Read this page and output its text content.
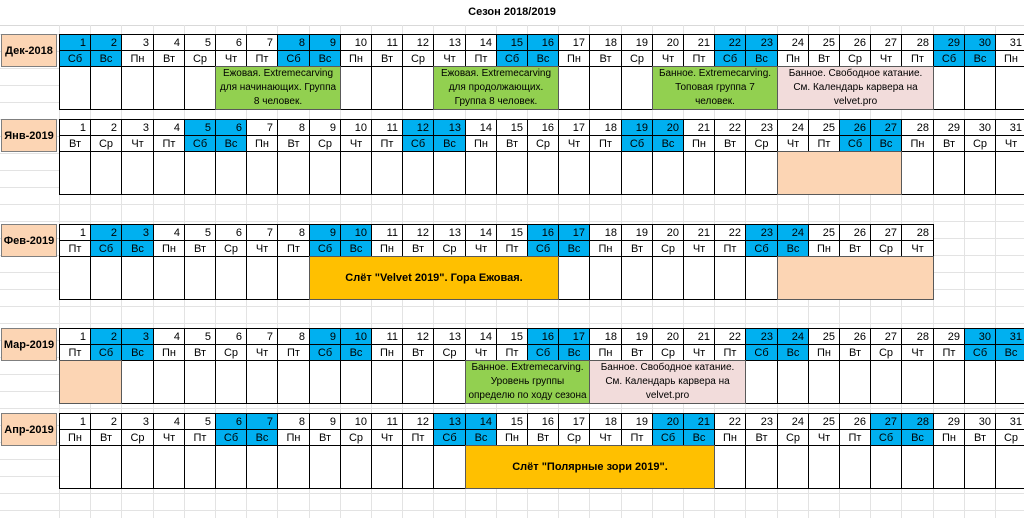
Сезон 2018/2019
Дек-2018
1
Сб
2
Вс
3
Пн
4
Вт
5
Ср
6
Чт
7
Пт
8
Сб
9
Вс
10
Пн
11
Вт
12
Ср
13
Чт
14
Пт
15
Сб
16
Вс
17
Пн
18
Вт
19
Ср
20
Чт
21
Пт
22
Сб
23
Вс
24
Пн
25
Вт
26
Ср
27
Чт
28
Пт
29
Сб
30
Вс
31
Пн
Ежовая. Extremecarving для начинающих. Группа 8 человек.
Ежовая. Extremecarving для продолжающих. Группа 8 человек.
Банное. Extremecarving. Топовая группа 7 человек.
Банное. Свободное катание. См. Календарь карвера на velvet.pro
Янв-2019
1
Вт
2
Ср
3
Чт
4
Пт
5
Сб
6
Вс
7
Пн
8
Вт
9
Ср
10
Чт
11
Пт
12
Сб
13
Вс
14
Пн
15
Вт
16
Ср
17
Чт
18
Пт
19
Сб
20
Вс
21
Пн
22
Вт
23
Ср
24
Чт
25
Пт
26
Сб
27
Вс
28
Пн
29
Вт
30
Ср
31
Чт
Фев-2019
1
Пт
2
Сб
3
Вс
4
Пн
5
Вт
6
Ср
7
Чт
8
Пт
9
Сб
10
Вс
11
Пн
12
Вт
13
Ср
14
Чт
15
Пт
16
Сб
17
Вс
18
Пн
19
Вт
20
Ср
21
Чт
22
Пт
23
Сб
24
Вс
25
Пн
26
Вт
27
Ср
28
Чт
Слёт "Velvet 2019". Гора Ежовая.
Мар-2019
1
Пт
2
Сб
3
Вс
4
Пн
5
Вт
6
Ср
7
Чт
8
Пт
9
Сб
10
Вс
11
Пн
12
Вт
13
Ср
14
Чт
15
Пт
16
Сб
17
Вс
18
Пн
19
Вт
20
Ср
21
Чт
22
Пт
23
Сб
24
Вс
25
Пн
26
Вт
27
Ср
28
Чт
29
Пт
30
Сб
31
Вс
Банное. Extremecarving. Уровень группы определю по ходу сезона
Банное. Свободное катание. См. Календарь карвера на velvet.pro
Апр-2019
1
Пн
2
Вт
3
Ср
4
Чт
5
Пт
6
Сб
7
Вс
8
Пн
9
Вт
10
Ср
11
Чт
12
Пт
13
Сб
14
Вс
15
Пн
16
Вт
17
Ср
18
Чт
19
Пт
20
Сб
21
Вс
22
Пн
23
Вт
24
Ср
25
Чт
26
Пт
27
Сб
28
Вс
29
Пн
30
Вт
31
Ср
Слёт "Полярные зори 2019".
